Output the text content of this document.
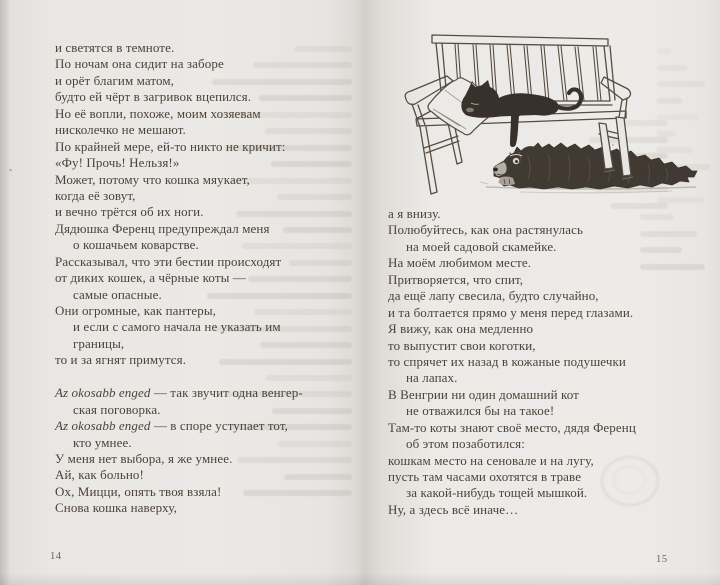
и светятся в темноте.
По ночам она сидит на заборе
и орёт благим матом,
будто ей чёрт в загривок вцепился.
Но её вопли, похоже, моим хозяевам
нисколечко не мешают.
По крайней мере, ей-то никто не кричит:
«Фу! Прочь! Нельзя!»
Может, потому что кошка мяукает,
когда её зовут,
и вечно трётся об их ноги.
Дядюшка Ференц предупреждал меня
о кошачьем коварстве.
Рассказывал, что эти бестии происходят
от диких кошек, а чёрные коты —
самые опасные.
Они огромные, как пантеры,
и если с самого начала не указать им
границы,
то и за ягнят примутся.
Az okosabb enged — так звучит одна венгер-
ская поговорка.
Az okosabb enged — в споре уступает тот,
кто умнее.
У меня нет выбора, я же умнее.
Ай, как больно!
Ох, Мицци, опять твоя взяла!
Снова кошка наверху,
а я внизу.
Полюбуйтесь, как она растянулась
на моей садовой скамейке.
На моём любимом месте.
Притворяется, что спит,
да ещё лапу свесила, будто случайно,
и та болтается прямо у меня перед глазами.
Я вижу, как она медленно
то выпустит свои коготки,
то спрячет их назад в кожаные подушечки
на лапах.
В Венгрии ни один домашний кот
не отважился бы на такое!
Там-то коты знают своё место, дядя Ференц
об этом позаботился:
кошкам место на сеновале и на лугу,
пусть там часами охотятся в траве
за какой-нибудь тощей мышкой.
Ну, а здесь всё иначе…
14	15
